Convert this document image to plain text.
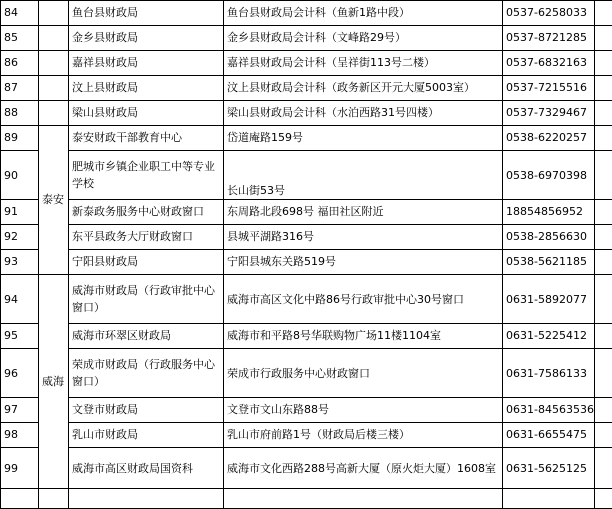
84		鱼台县财政局	鱼台县财政局会计科（鱼新1路中段）	0537-6258033	
85		金乡县财政局	金乡县财政局会计科（文峰路29号）	0537-8721285	
86		嘉祥县财政局	嘉祥县财政局会计科（呈祥街113号二楼）	0537-6832163	
87		汶上县财政局	汶上县财政局会计科（政务新区开元大厦5003室）	0537-7215516	
88		梁山县财政局	梁山县财政局会计科（水泊西路31号四楼）	0537-7329467	
89	泰安	泰安财政干部教育中心	岱道庵路159号	0538-6220257	
90		肥城市乡镇企业职工中等专业学校	长山街53号	0538-6970398	
91		新泰政务服务中心财政窗口	东周路北段698号 福田社区附近	18854856952	
92		东平县政务大厅财政窗口	县城平湖路316号	0538-2856630	
93		宁阳县财政局	宁阳县城东关路519号	0538-5621185	
94	威海	威海市财政局（行政审批中心窗口）	威海市高区文化中路86号行政审批中心30号窗口	0631-5892077	
95		威海市环翠区财政局	威海市和平路8号华联购物广场11楼1104室	0631-5225412	
96		荣成市财政局（行政服务中心窗口）	荣成市行政服务中心财政窗口	0631-7586133	
97		文登市财政局	文登市文山东路88号	0631-84563536	
98		乳山市财政局	乳山市府前路1号（财政局后楼三楼）	0631-6655475	
99		威海市高区财政局国资科	威海市文化西路288号高新大厦（原火炬大厦）1608室	0631-5625125	
